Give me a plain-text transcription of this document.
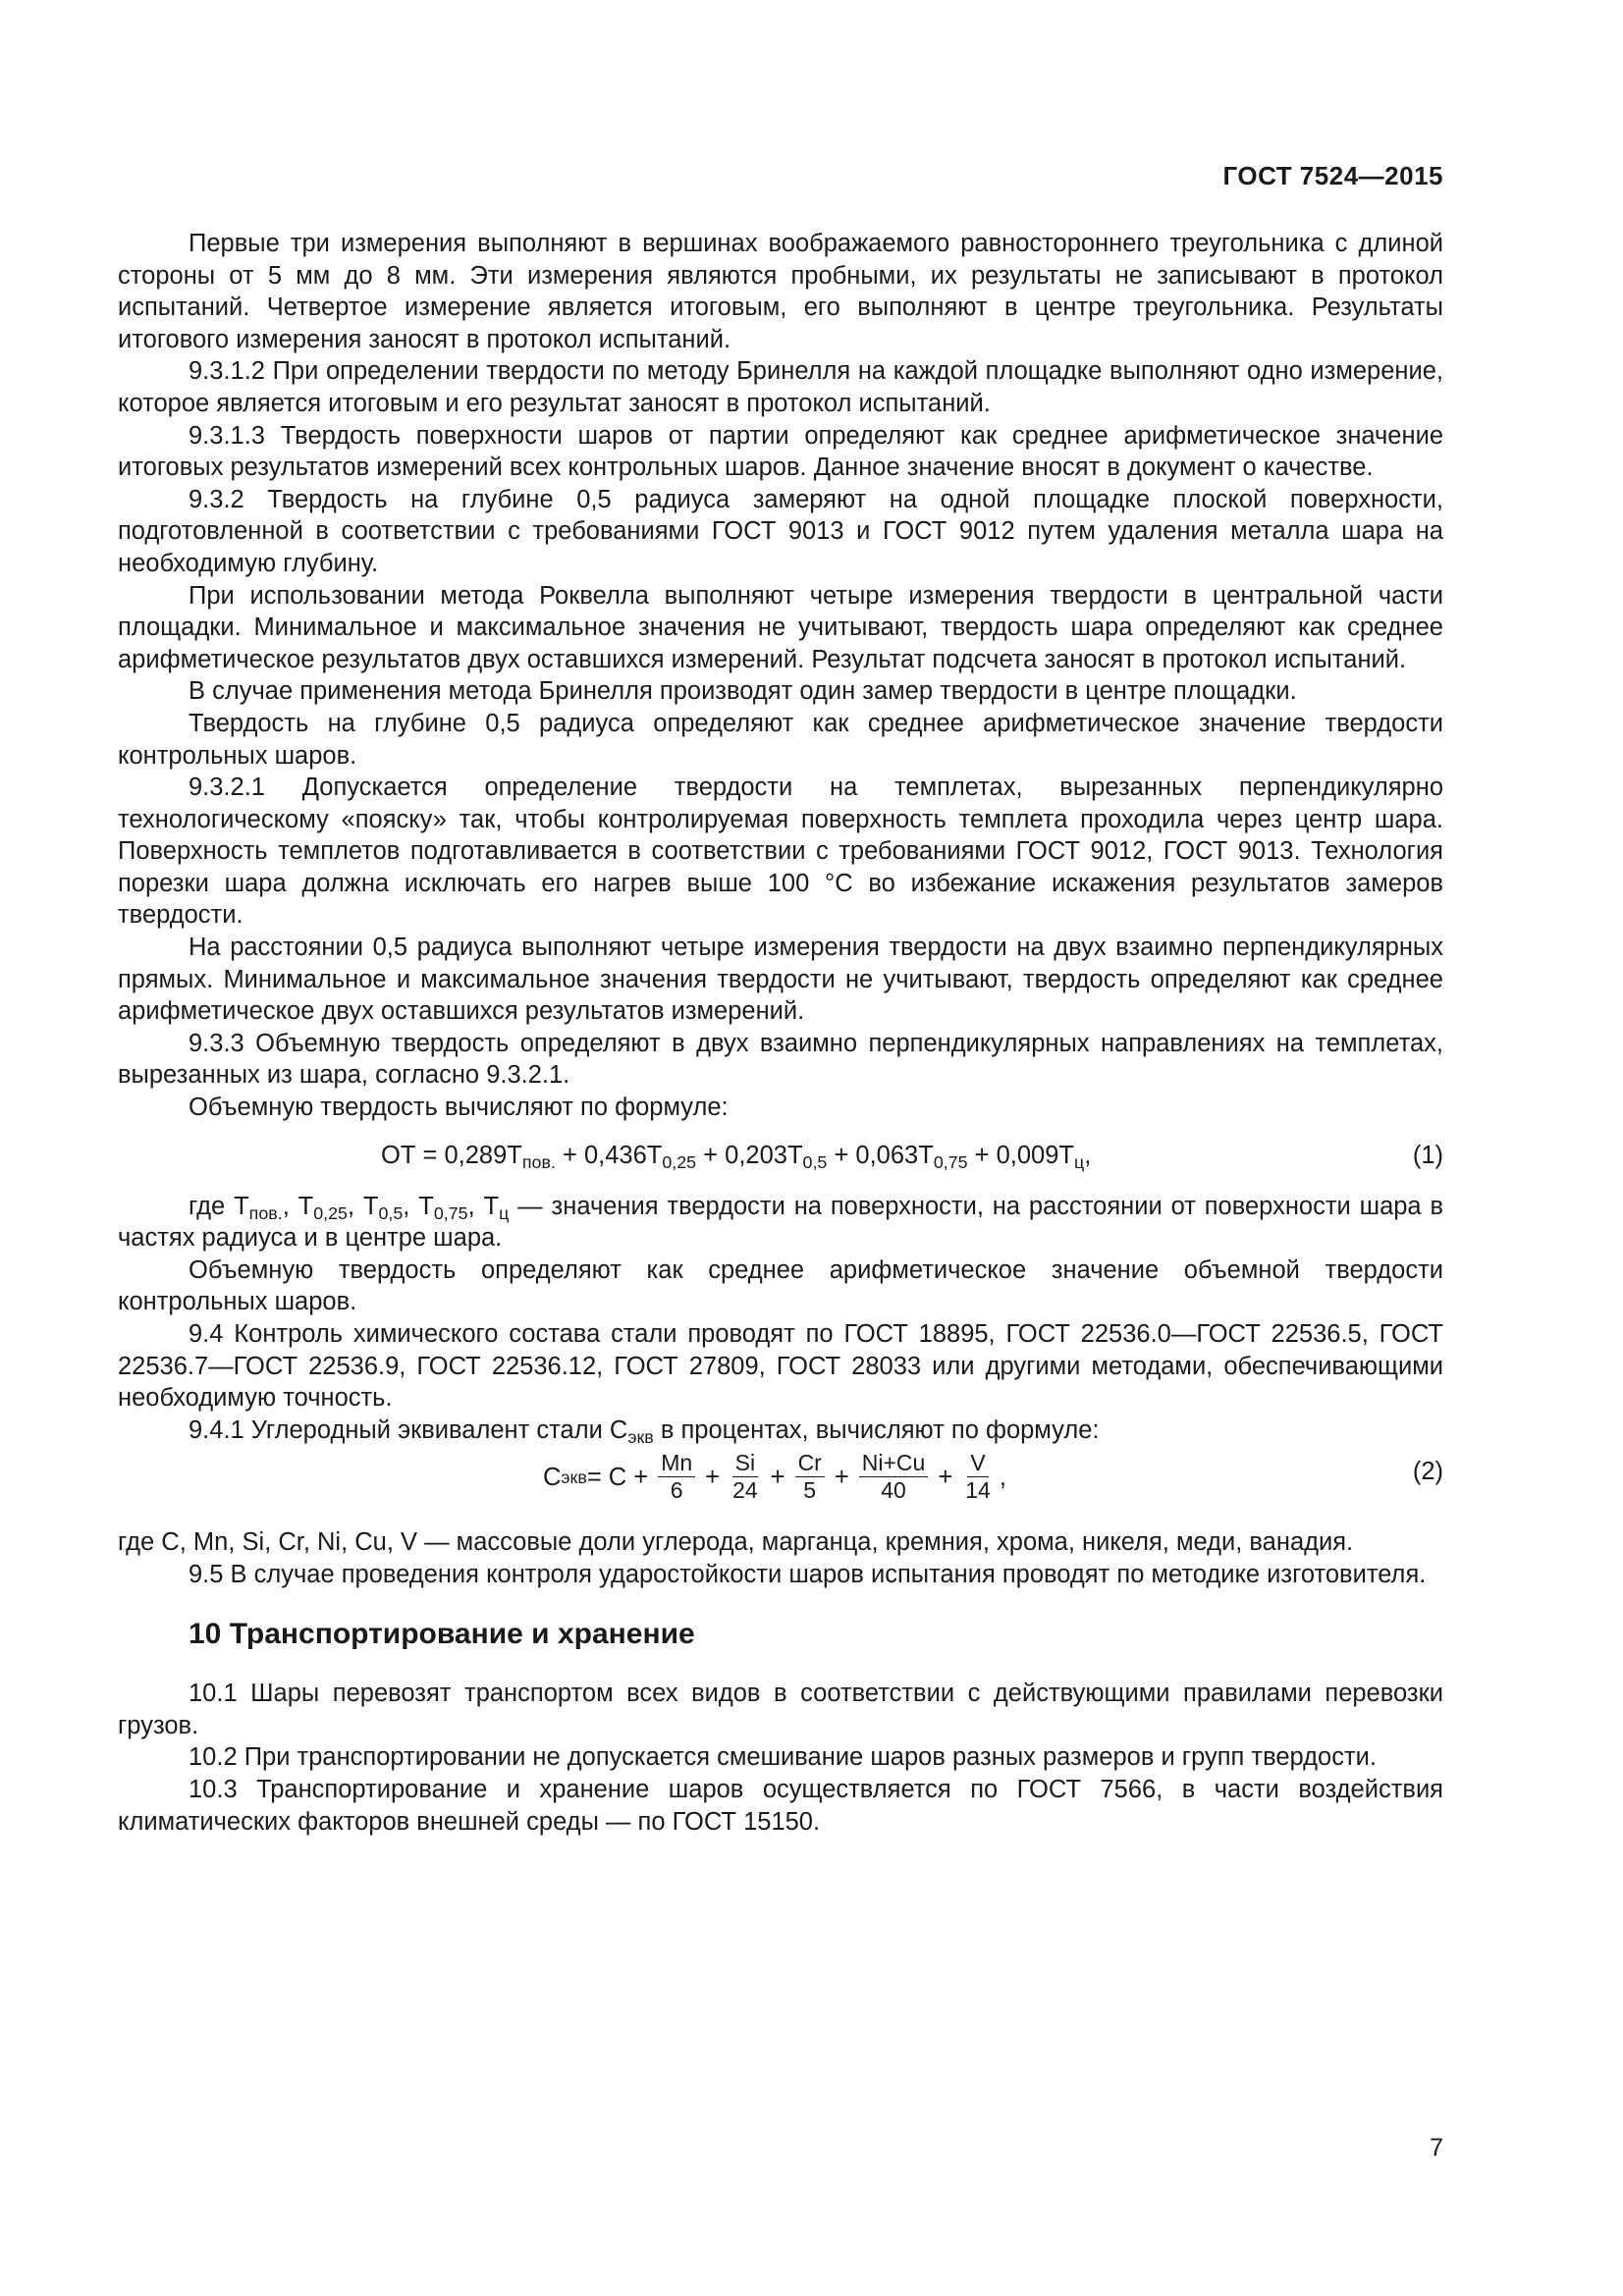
ГОСТ 7524—2015

Первые три измерения выполняют в вершинах воображаемого равностороннего треугольника с длиной стороны от 5 мм до 8 мм. Эти измерения являются пробными, их результаты не записывают в протокол испытаний. Четвертое измерение является итоговым, его выполняют в центре треугольника. Результаты итогового измерения заносят в протокол испытаний.

9.3.1.2 При определении твердости по методу Бринелля на каждой площадке выполняют одно измерение, которое является итоговым и его результат заносят в протокол испытаний.

9.3.1.3 Твердость поверхности шаров от партии определяют как среднее арифметическое значение итоговых результатов измерений всех контрольных шаров. Данное значение вносят в документ о качестве.

9.3.2 Твердость на глубине 0,5 радиуса замеряют на одной площадке плоской поверхности, подготовленной в соответствии с требованиями ГОСТ 9013 и ГОСТ 9012 путем удаления металла шара на необходимую глубину.

При использовании метода Роквелла выполняют четыре измерения твердости в центральной части площадки. Минимальное и максимальное значения не учитывают, твердость шара определяют как среднее арифметическое результатов двух оставшихся измерений. Результат подсчета заносят в протокол испытаний.

В случае применения метода Бринелля производят один замер твердости в центре площадки.

Твердость на глубине 0,5 радиуса определяют как среднее арифметическое значение твердости контрольных шаров.

9.3.2.1 Допускается определение твердости на темплетах, вырезанных перпендикулярно технологическому «пояску» так, чтобы контролируемая поверхность темплета проходила через центр шара. Поверхность темплетов подготавливается в соответствии с требованиями ГОСТ 9012, ГОСТ 9013. Технология порезки шара должна исключать его нагрев выше 100 °С во избежание искажения результатов замеров твердости.

На расстоянии 0,5 радиуса выполняют четыре измерения твердости на двух взаимно перпендикулярных прямых. Минимальное и максимальное значения твердости не учитывают, твердость определяют как среднее арифметическое двух оставшихся результатов измерений.

9.3.3 Объемную твердость определяют в двух взаимно перпендикулярных направлениях на темплетах, вырезанных из шара, согласно 9.3.2.1.

Объемную твердость вычисляют по формуле:

ОТ = $0,289Т_{пов.} + 0,436Т_{0,25} + 0,203Т_{0,5} + 0,063Т_{0,75} + 0,009Т_ц$,	(1)

где $Т_{пов.}$, $Т_{0,25}$, $Т_{0,5}$, $Т_{0,75}$, $Т_ц$ — значения твердости на поверхности, на расстоянии от поверхности шара в частях радиуса и в центре шара.

Объемную твердость определяют как среднее арифметическое значение объемной твердости контрольных шаров.

9.4 Контроль химического состава стали проводят по ГОСТ 18895, ГОСТ 22536.0—ГОСТ 22536.5, ГОСТ 22536.7—ГОСТ 22536.9, ГОСТ 22536.12, ГОСТ 27809, ГОСТ 28033 или другими методами, обеспечивающими необходимую точность.

9.4.1 Углеродный эквивалент стали $С_{экв}$ в процентах, вычисляют по формуле:

С экв = $С + \frac{Mn}{6} + \frac{Si}{24} + \frac{Cr}{5} + \frac{Ni+Cu}{40} + \frac{V}{14}$ ,	(2)

где С, Mn, Si, Cr, Ni, Cu, V — массовые доли углерода, марганца, кремния, хрома, никеля, меди, ванадия.

9.5 В случае проведения контроля ударостойкости шаров испытания проводят по методике изготовителя.

10 Транспортирование и хранение

10.1 Шары перевозят транспортом всех видов в соответствии с действующими правилами перевозки грузов.

10.2 При транспортировании не допускается смешивание шаров разных размеров и групп твердости.

10.3 Транспортирование и хранение шаров осуществляется по ГОСТ 7566, в части воздействия климатических факторов внешней среды — по ГОСТ 15150.

7
